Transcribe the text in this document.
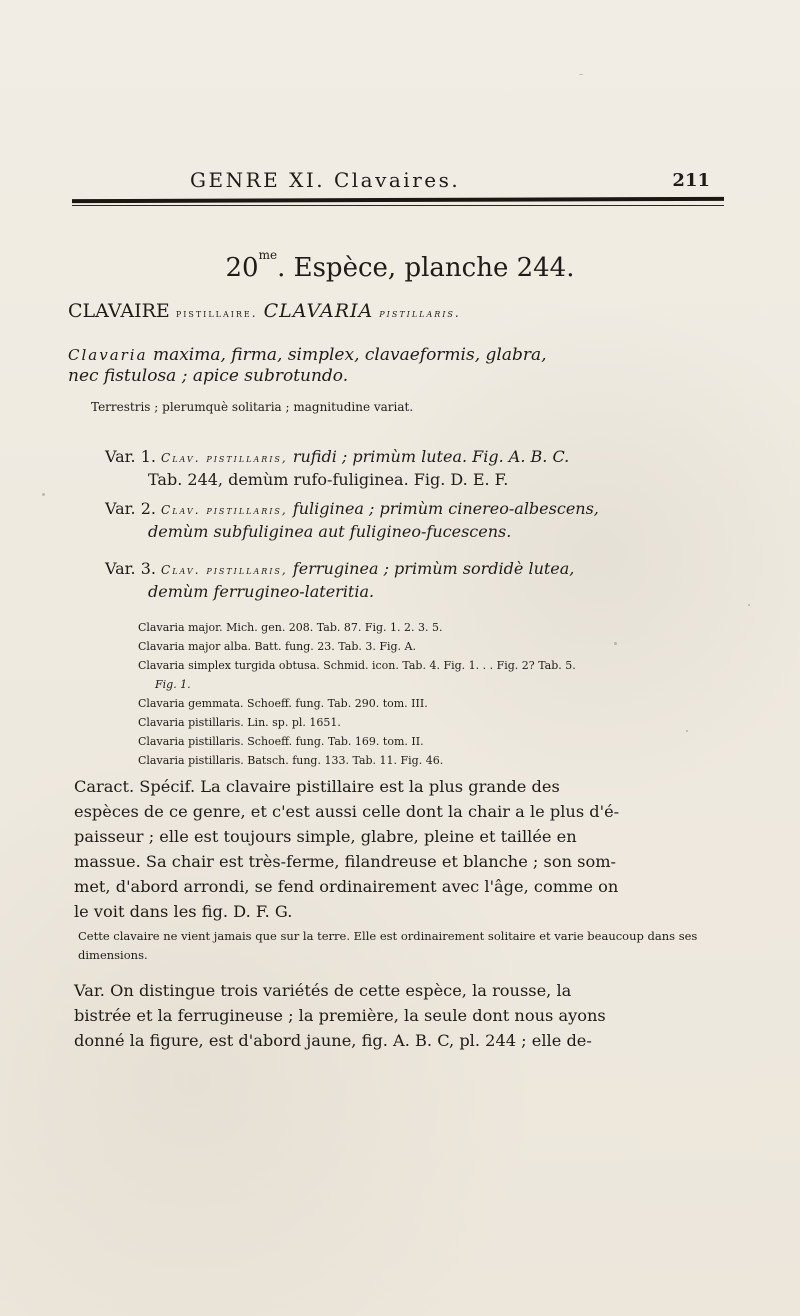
GENRE XI. Clavaires.	211
$20^{me}$. Espèce, planche 244.
CLAVAIRE pistillaire. CLAVARIA pistillaris.
Clavaria maxima, firma, simplex, clavaeformis, glabra,
nec fistulosa ; apice subrotundo.
Terrestris ; plerumquè solitaria ; magnitudine variat.
Var. 1. Clav. pistillaris, rufidi ; primùm lutea. Fig. A. B. C.
Tab. 244, demùm rufo-fuliginea. Fig. D. E. F.
Var. 2. Clav. pistillaris, fuliginea ; primùm cinereo-albescens,
demùm subfuliginea aut fuligineo-fucescens.
Var. 3. Clav. pistillaris, ferruginea ; primùm sordidè lutea,
demùm ferrugineo-lateritia.
Clavaria major. Mich. gen. 208. Tab. 87. Fig. 1. 2. 3. 5.
Clavaria major alba. Batt. fung. 23. Tab. 3. Fig. A.
Clavaria simplex turgida obtusa. Schmid. icon. Tab. 4. Fig. 1. . . Fig. 2? Tab. 5.
Fig. 1.
Clavaria gemmata. Schoeff. fung. Tab. 290. tom. III.
Clavaria pistillaris. Lin. sp. pl. 1651.
Clavaria pistillaris. Schoeff. fung. Tab. 169. tom. II.
Clavaria pistillaris. Batsch. fung. 133. Tab. 11. Fig. 46.
Caract. Spécif. La clavaire pistillaire est la plus grande des
espèces de ce genre, et c'est aussi celle dont la chair a le plus d'é-
paisseur ; elle est toujours simple, glabre, pleine et taillée en
massue. Sa chair est très-ferme, filandreuse et blanche ; son som-
met, d'abord arrondi, se fend ordinairement avec l'âge, comme on
le voit dans les fig. D. F. G.
Cette clavaire ne vient jamais que sur la terre. Elle est ordinairement solitaire et varie beaucoup dans ses dimensions.
Var. On distingue trois variétés de cette espèce, la rousse, la
bistrée et la ferrugineuse ; la première, la seule dont nous ayons
donné la figure, est d'abord jaune, fig. A. B. C, pl. 244 ; elle de-
